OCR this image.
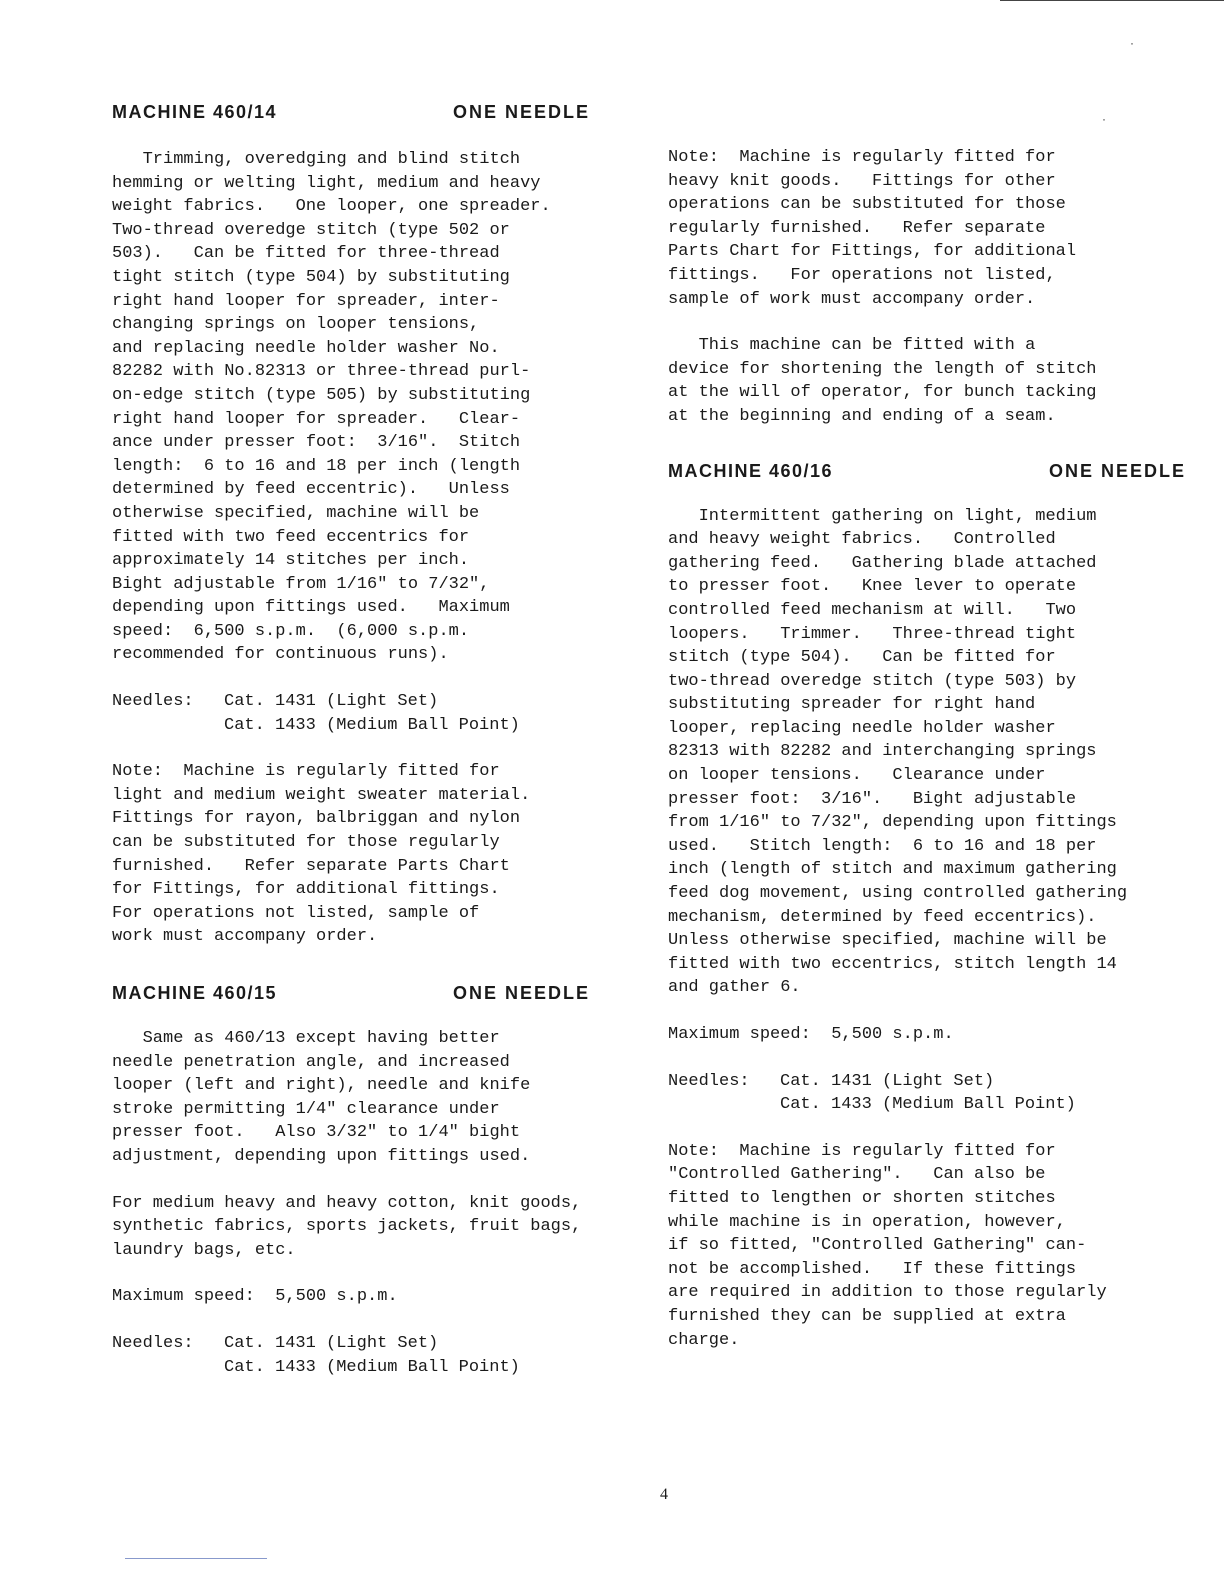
MACHINE 460/14	ONE NEEDLE
Trimming, overedging and blind stitch
hemming or welting light, medium and heavy
weight fabrics.   One looper, one spreader.
Two-thread overedge stitch (type 502 or
503).   Can be fitted for three-thread
tight stitch (type 504) by substituting
right hand looper for spreader, inter-
changing springs on looper tensions,
and replacing needle holder washer No.
82282 with No.82313 or three-thread purl-
on-edge stitch (type 505) by substituting
right hand looper for spreader.   Clear-
ance under presser foot:  3/16".  Stitch
length:  6 to 16 and 18 per inch (length
determined by feed eccentric).   Unless
otherwise specified, machine will be
fitted with two feed eccentrics for
approximately 14 stitches per inch.
Bight adjustable from 1/16" to 7/32",
depending upon fittings used.   Maximum
speed:  6,500 s.p.m.  (6,000 s.p.m.
recommended for continuous runs).
Needles:	Cat. 1431 (Light Set)
Cat. 1433 (Medium Ball Point)
Note:  Machine is regularly fitted for
light and medium weight sweater material.
Fittings for rayon, balbriggan and nylon
can be substituted for those regularly
furnished.   Refer separate Parts Chart
for Fittings, for additional fittings.
For operations not listed, sample of
work must accompany order.
MACHINE 460/15	ONE NEEDLE
Same as 460/13 except having better
needle penetration angle, and increased
looper (left and right), needle and knife
stroke permitting 1/4" clearance under
presser foot.   Also 3/32" to 1/4" bight
adjustment, depending upon fittings used.
For medium heavy and heavy cotton, knit goods,
synthetic fabrics, sports jackets, fruit bags,
laundry bags, etc.
Maximum speed:  5,500 s.p.m.
Needles:	Cat. 1431 (Light Set)
Cat. 1433 (Medium Ball Point)
Note:  Machine is regularly fitted for
heavy knit goods.   Fittings for other
operations can be substituted for those
regularly furnished.   Refer separate
Parts Chart for Fittings, for additional
fittings.   For operations not listed,
sample of work must accompany order.
This machine can be fitted with a
device for shortening the length of stitch
at the will of operator, for bunch tacking
at the beginning and ending of a seam.
MACHINE 460/16	ONE NEEDLE
Intermittent gathering on light, medium
and heavy weight fabrics.   Controlled
gathering feed.   Gathering blade attached
to presser foot.   Knee lever to operate
controlled feed mechanism at will.   Two
loopers.   Trimmer.   Three-thread tight
stitch (type 504).   Can be fitted for
two-thread overedge stitch (type 503) by
substituting spreader for right hand
looper, replacing needle holder washer
82313 with 82282 and interchanging springs
on looper tensions.   Clearance under
presser foot:  3/16".   Bight adjustable
from 1/16" to 7/32", depending upon fittings
used.   Stitch length:  6 to 16 and 18 per
inch (length of stitch and maximum gathering
feed dog movement, using controlled gathering
mechanism, determined by feed eccentrics).
Unless otherwise specified, machine will be
fitted with two eccentrics, stitch length 14
and gather 6.
Maximum speed:  5,500 s.p.m.
Needles:	Cat. 1431 (Light Set)
Cat. 1433 (Medium Ball Point)
Note:  Machine is regularly fitted for
"Controlled Gathering".   Can also be
fitted to lengthen or shorten stitches
while machine is in operation, however,
if so fitted, "Controlled Gathering" can-
not be accomplished.   If these fittings
are required in addition to those regularly
furnished they can be supplied at extra
charge.
4
·
·
